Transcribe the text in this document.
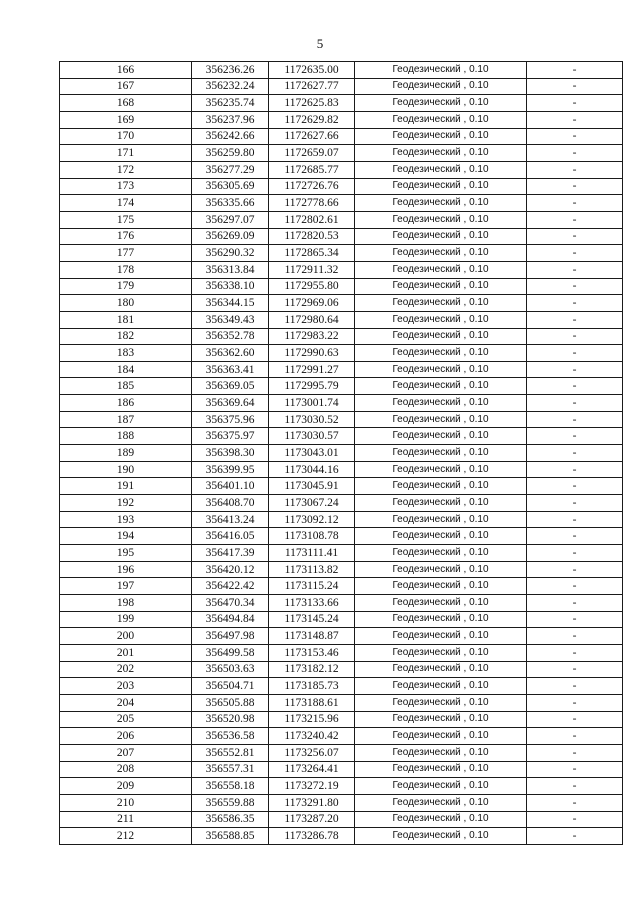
5
166	356236.26	1172635.00	Геодезический , 0.10	-
167	356232.24	1172627.77	Геодезический , 0.10	-
168	356235.74	1172625.83	Геодезический , 0.10	-
169	356237.96	1172629.82	Геодезический , 0.10	-
170	356242.66	1172627.66	Геодезический , 0.10	-
171	356259.80	1172659.07	Геодезический , 0.10	-
172	356277.29	1172685.77	Геодезический , 0.10	-
173	356305.69	1172726.76	Геодезический , 0.10	-
174	356335.66	1172778.66	Геодезический , 0.10	-
175	356297.07	1172802.61	Геодезический , 0.10	-
176	356269.09	1172820.53	Геодезический , 0.10	-
177	356290.32	1172865.34	Геодезический , 0.10	-
178	356313.84	1172911.32	Геодезический , 0.10	-
179	356338.10	1172955.80	Геодезический , 0.10	-
180	356344.15	1172969.06	Геодезический , 0.10	-
181	356349.43	1172980.64	Геодезический , 0.10	-
182	356352.78	1172983.22	Геодезический , 0.10	-
183	356362.60	1172990.63	Геодезический , 0.10	-
184	356363.41	1172991.27	Геодезический , 0.10	-
185	356369.05	1172995.79	Геодезический , 0.10	-
186	356369.64	1173001.74	Геодезический , 0.10	-
187	356375.96	1173030.52	Геодезический , 0.10	-
188	356375.97	1173030.57	Геодезический , 0.10	-
189	356398.30	1173043.01	Геодезический , 0.10	-
190	356399.95	1173044.16	Геодезический , 0.10	-
191	356401.10	1173045.91	Геодезический , 0.10	-
192	356408.70	1173067.24	Геодезический , 0.10	-
193	356413.24	1173092.12	Геодезический , 0.10	-
194	356416.05	1173108.78	Геодезический , 0.10	-
195	356417.39	1173111.41	Геодезический , 0.10	-
196	356420.12	1173113.82	Геодезический , 0.10	-
197	356422.42	1173115.24	Геодезический , 0.10	-
198	356470.34	1173133.66	Геодезический , 0.10	-
199	356494.84	1173145.24	Геодезический , 0.10	-
200	356497.98	1173148.87	Геодезический , 0.10	-
201	356499.58	1173153.46	Геодезический , 0.10	-
202	356503.63	1173182.12	Геодезический , 0.10	-
203	356504.71	1173185.73	Геодезический , 0.10	-
204	356505.88	1173188.61	Геодезический , 0.10	-
205	356520.98	1173215.96	Геодезический , 0.10	-
206	356536.58	1173240.42	Геодезический , 0.10	-
207	356552.81	1173256.07	Геодезический , 0.10	-
208	356557.31	1173264.41	Геодезический , 0.10	-
209	356558.18	1173272.19	Геодезический , 0.10	-
210	356559.88	1173291.80	Геодезический , 0.10	-
211	356586.35	1173287.20	Геодезический , 0.10	-
212	356588.85	1173286.78	Геодезический , 0.10	-
